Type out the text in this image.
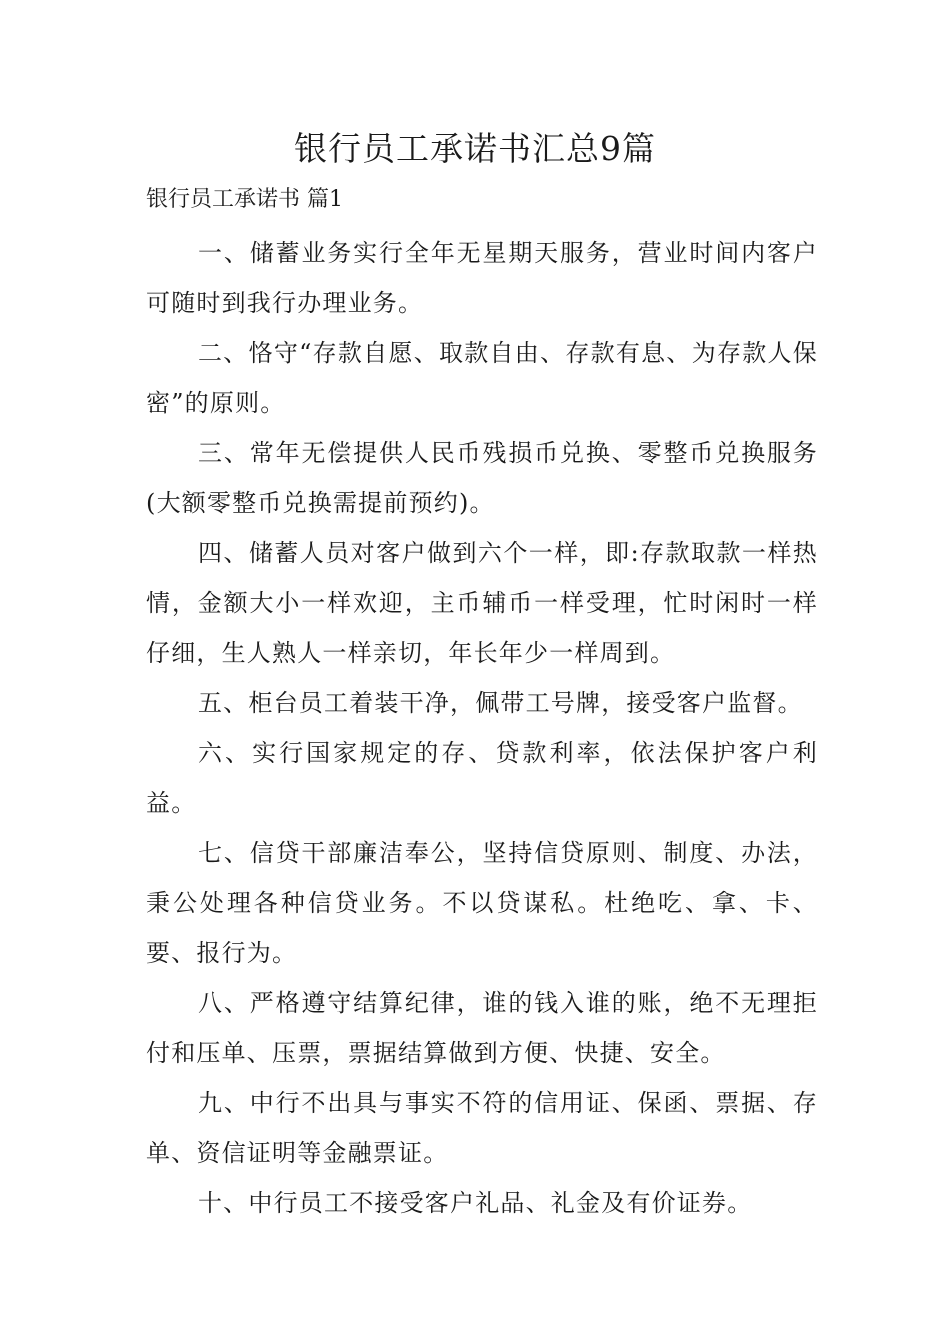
银行员工承诺书汇总9篇

银行员工承诺书 篇1

一、储蓄业务实行全年无星期天服务，营业时间内客户可随时到我行办理业务。

二、恪守“存款自愿、取款自由、存款有息、为存款人保密”的原则。

三、常年无偿提供人民币残损币兑换、零整币兑换服务(大额零整币兑换需提前预约)。

四、储蓄人员对客户做到六个一样，即:存款取款一样热情，金额大小一样欢迎，主币辅币一样受理，忙时闲时一样仔细，生人熟人一样亲切，年长年少一样周到。

五、柜台员工着装干净，佩带工号牌，接受客户监督。

六、实行国家规定的存、贷款利率，依法保护客户利益。

七、信贷干部廉洁奉公，坚持信贷原则、制度、办法，秉公处理各种信贷业务。不以贷谋私。杜绝吃、拿、卡、要、报行为。

八、严格遵守结算纪律，谁的钱入谁的账，绝不无理拒付和压单、压票，票据结算做到方便、快捷、安全。

九、中行不出具与事实不符的信用证、保函、票据、存单、资信证明等金融票证。

十、中行员工不接受客户礼品、礼金及有价证券。
